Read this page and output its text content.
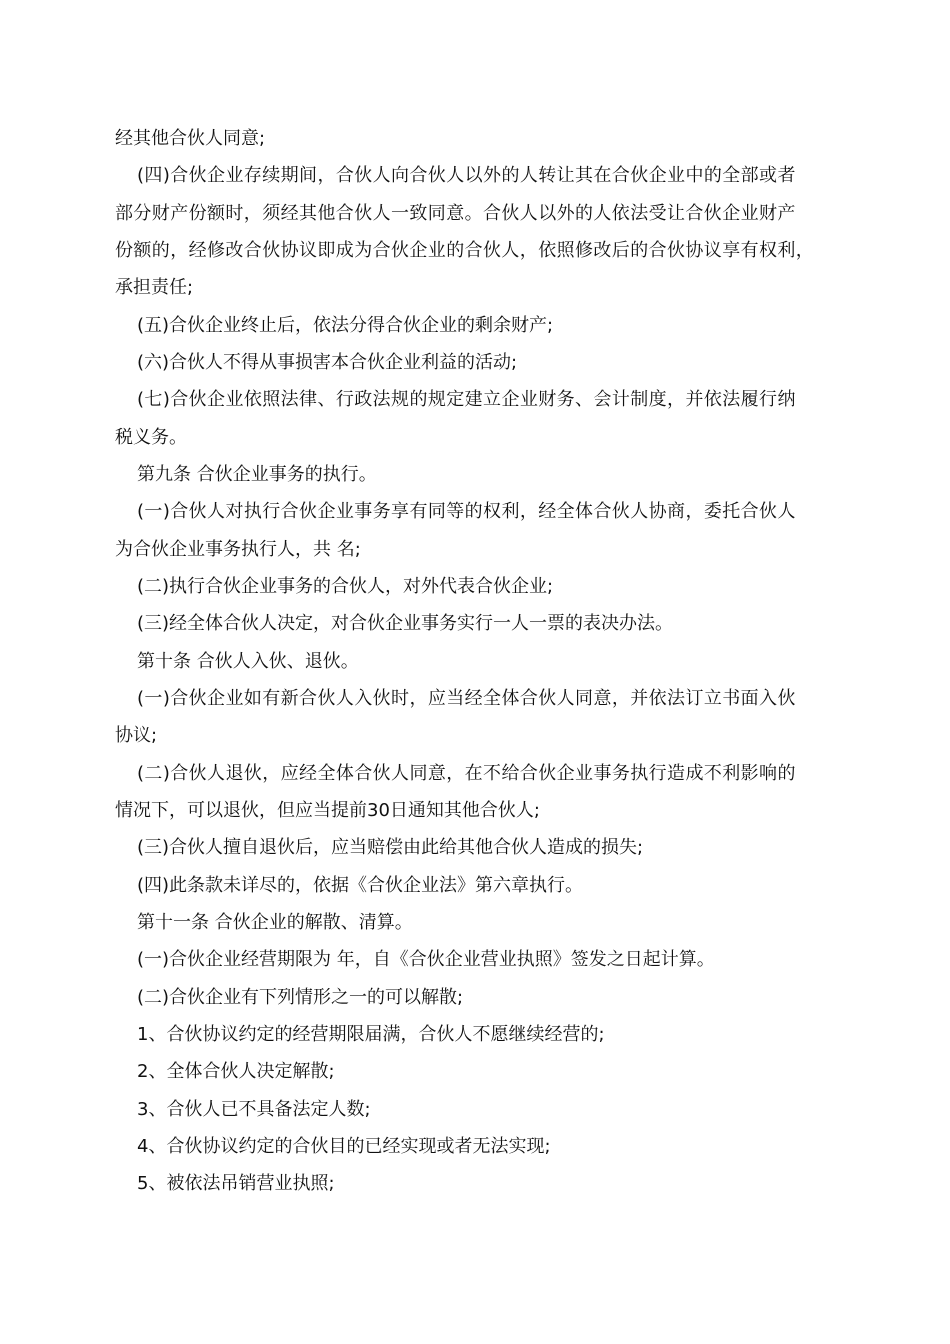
经其他合伙人同意;

(四)合伙企业存续期间，合伙人向合伙人以外的人转让其在合伙企业中的全部或者

部分财产份额时，须经其他合伙人一致同意。合伙人以外的人依法受让合伙企业财产

份额的，经修改合伙协议即成为合伙企业的合伙人，依照修改后的合伙协议享有权利，

承担责任;

(五)合伙企业终止后，依法分得合伙企业的剩余财产;

(六)合伙人不得从事损害本合伙企业利益的活动;

(七)合伙企业依照法律、行政法规的规定建立企业财务、会计制度，并依法履行纳

税义务。

第九条 合伙企业事务的执行。

(一)合伙人对执行合伙企业事务享有同等的权利，经全体合伙人协商，委托合伙人

为合伙企业事务执行人，共 名;

(二)执行合伙企业事务的合伙人，对外代表合伙企业;

(三)经全体合伙人决定，对合伙企业事务实行一人一票的表决办法。

第十条 合伙人入伙、退伙。

(一)合伙企业如有新合伙人入伙时，应当经全体合伙人同意，并依法订立书面入伙

协议;

(二)合伙人退伙，应经全体合伙人同意，在不给合伙企业事务执行造成不利影响的

情况下，可以退伙，但应当提前30日通知其他合伙人;

(三)合伙人擅自退伙后，应当赔偿由此给其他合伙人造成的损失;

(四)此条款未详尽的，依据《合伙企业法》第六章执行。

第十一条 合伙企业的解散、清算。

(一)合伙企业经营期限为 年，自《合伙企业营业执照》签发之日起计算。

(二)合伙企业有下列情形之一的可以解散;

1、合伙协议约定的经营期限届满，合伙人不愿继续经营的;

2、全体合伙人决定解散;

3、合伙人已不具备法定人数;

4、合伙协议约定的合伙目的已经实现或者无法实现;

5、被依法吊销营业执照;
